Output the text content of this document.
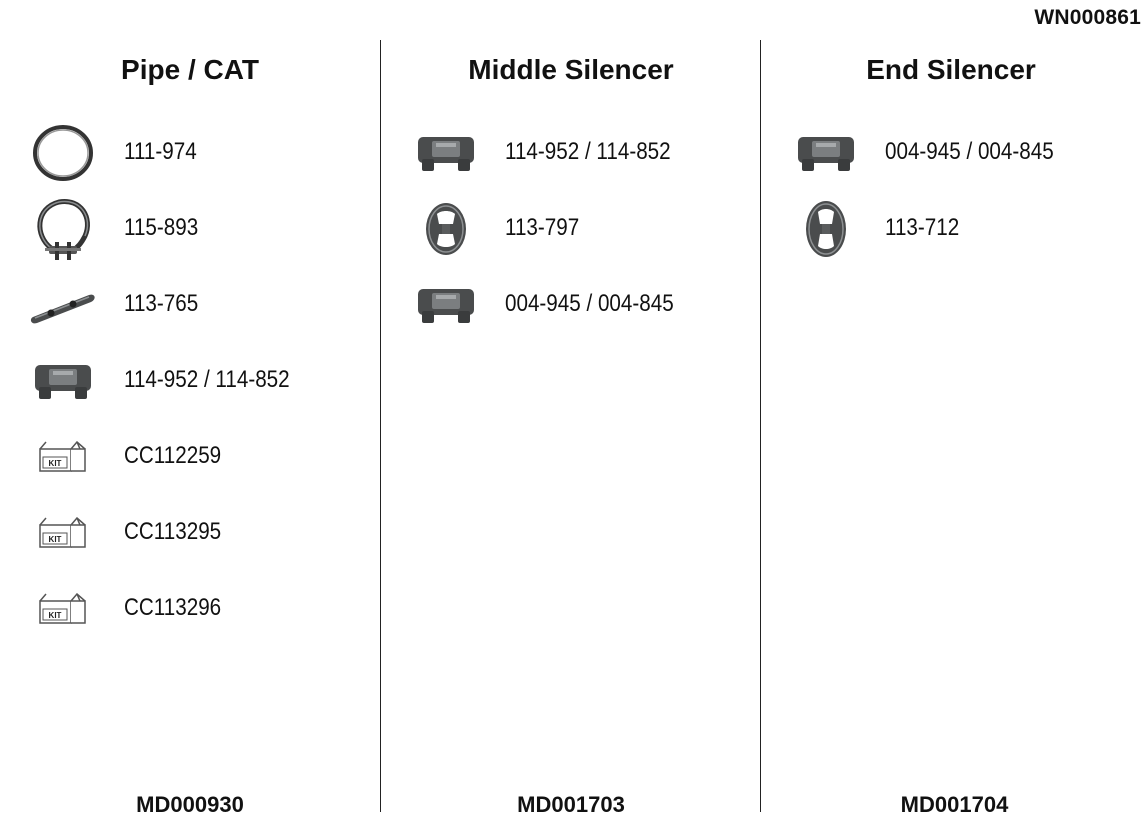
WN000861
Pipe / CAT
111-974
115-893
113-765
114-952 / 114-852
KIT	CC112259
KIT	CC113295
KIT	CC113296
MD000930
Middle Silencer
114-952 / 114-852
113-797
004-945 / 004-845
MD001703
End Silencer
004-945 / 004-845
113-712
MD001704
